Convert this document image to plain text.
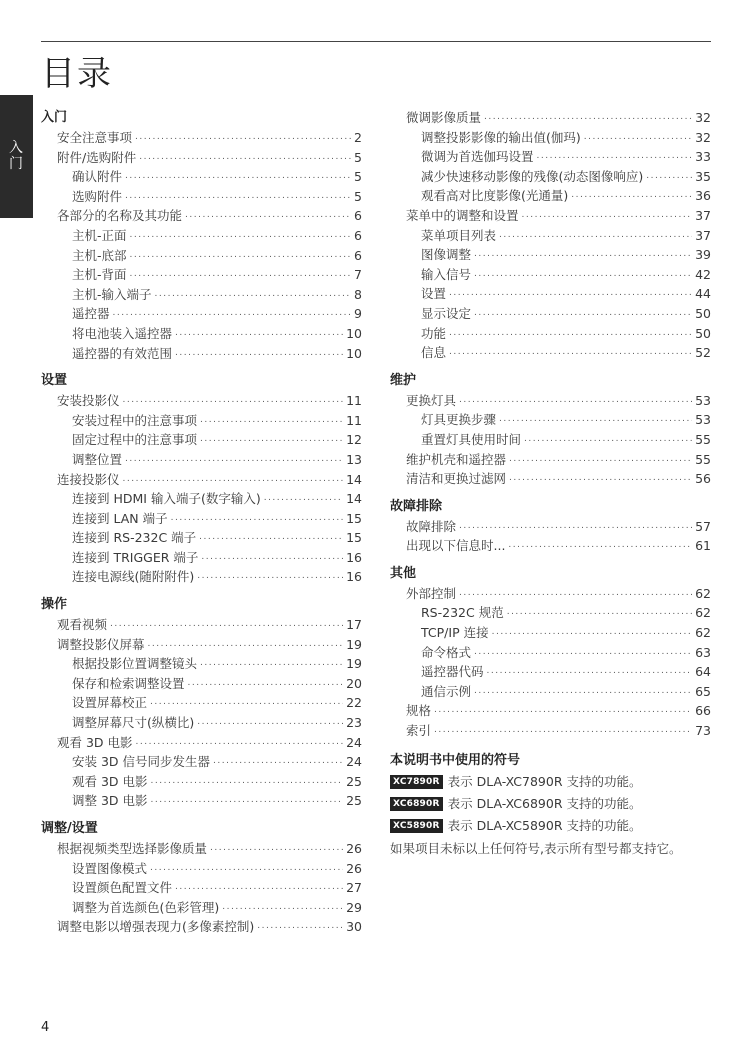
目录
入门
入门
安全注意事项 .....	2
附件/选购附件 .....	5
确认附件 .....	5
选购附件 .....	5
各部分的名称及其功能 .....	6
主机-正面 .....	6
主机-底部 .....	6
主机-背面 .....	7
主机-输入端子 .....	8
遥控器 .....	9
将电池装入遥控器 .....	10
遥控器的有效范围 .....	10
设置
安装投影仪 .....	11
安装过程中的注意事项 .....	11
固定过程中的注意事项 .....	12
调整位置 .....	13
连接投影仪 .....	14
连接到 HDMI 输入端子(数字输入) .....	14
连接到 LAN 端子 .....	15
连接到 RS-232C 端子 .....	15
连接到 TRIGGER 端子 .....	16
连接电源线(随附附件) .....	16
操作
观看视频 .....	17
调整投影仪屏幕 .....	19
根据投影位置调整镜头 .....	19
保存和检索调整设置 .....	20
设置屏幕校正 .....	22
调整屏幕尺寸(纵横比) .....	23
观看 3D 电影 .....	24
安装 3D 信号同步发生器 .....	24
观看 3D 电影 .....	25
调整 3D 电影 .....	25
调整/设置
根据视频类型选择影像质量 .....	26
设置图像模式 .....	26
设置颜色配置文件 .....	27
调整为首选颜色(色彩管理) .....	29
调整电影以增强表现力(多像素控制) .....	30
微调影像质量 .....	32
调整投影影像的输出值(伽玛) .....	32
微调为首选伽玛设置 .....	33
减少快速移动影像的残像(动态图像响应) .....	35
观看高对比度影像(光通量) .....	36
菜单中的调整和设置 .....	37
菜单项目列表 .....	37
图像调整 .....	39
输入信号 .....	42
设置 .....	44
显示设定 .....	50
功能 .....	50
信息 .....	52
维护
更换灯具 .....	53
灯具更换步骤 .....	53
重置灯具使用时间 .....	55
维护机壳和遥控器 .....	55
清洁和更换过滤网 .....	56
故障排除
故障排除 .....	57
出现以下信息时... .....	61
其他
外部控制 .....	62
RS-232C 规范 .....	62
TCP/IP 连接 .....	62
命令格式 .....	63
遥控器代码 .....	64
通信示例 .....	65
规格 .....	66
索引 .....	73
本说明书中使用的符号
XC7890R 表示 DLA-XC7890R 支持的功能。
XC6890R 表示 DLA-XC6890R 支持的功能。
XC5890R 表示 DLA-XC5890R 支持的功能。
如果项目未标以上任何符号,表示所有型号都支持它。
4
